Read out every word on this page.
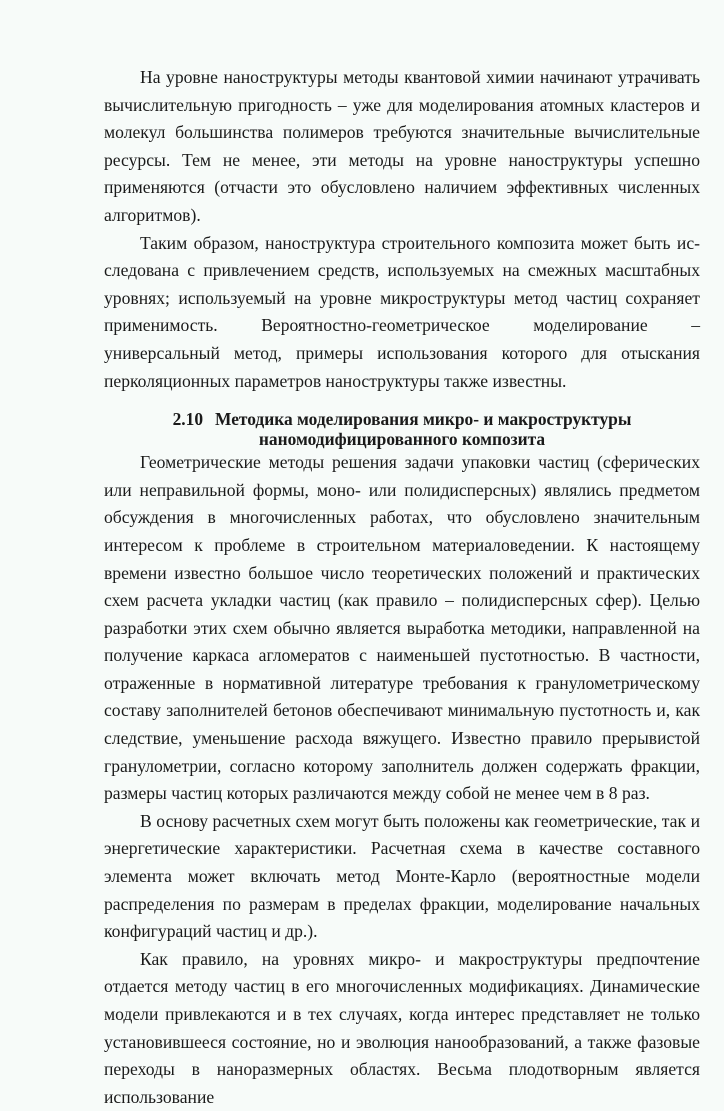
На уровне наноструктуры методы квантовой химии начинают утрачивать вычислительную пригодность – уже для моделирования атомных кластеров и молекул большинства полимеров требуются значительные вычислительные ресурсы. Тем не менее, эти методы на уровне наноструктуры успешно применяются (отчасти это обусловлено наличием эффективных численных алгоритмов).

Таким образом, наноструктура строительного композита может быть исследована с привлечением средств, используемых на смежных масштабных уровнях; используемый на уровне микроструктуры метод частиц сохраняет применимость. Вероятностно-геометрическое моделирование – универсальный метод, примеры использования которого для отыскания перколяционных параметров наноструктуры также известны.

2.10 Методика моделирования микро- и макроструктуры
наномодифицированного композита

Геометрические методы решения задачи упаковки частиц (сферических или неправильной формы, моно- или полидисперсных) являлись предметом обсуждения в многочисленных работах, что обусловлено значительным интересом к проблеме в строительном материаловедении. К настоящему времени известно большое число теоретических положений и практических схем расчета укладки частиц (как правило – полидисперсных сфер). Целью разработки этих схем обычно является выработка методики, направленной на получение каркаса агломератов с наименьшей пустотностью. В частности, отраженные в нормативной литературе требования к гранулометрическому составу заполнителей бетонов обеспечивают минимальную пустотность и, как следствие, уменьшение расхода вяжущего. Известно правило прерывистой гранулометрии, согласно которому заполнитель должен содержать фракции, размеры частиц которых различаются между собой не менее чем в 8 раз.

В основу расчетных схем могут быть положены как геометрические, так и энергетические характеристики. Расчетная схема в качестве составного элемента может включать метод Монте-Карло (вероятностные модели распределения по размерам в пределах фракции, моделирование начальных конфигураций частиц и др.).

Как правило, на уровнях микро- и макроструктуры предпочтение отдается методу частиц в его многочисленных модификациях. Динамические модели привлекаются и в тех случаях, когда интерес представляет не только установившееся состояние, но и эволюция нанообразований, а также фазовые переходы в наноразмерных областях. Весьма плодотворным является использование
